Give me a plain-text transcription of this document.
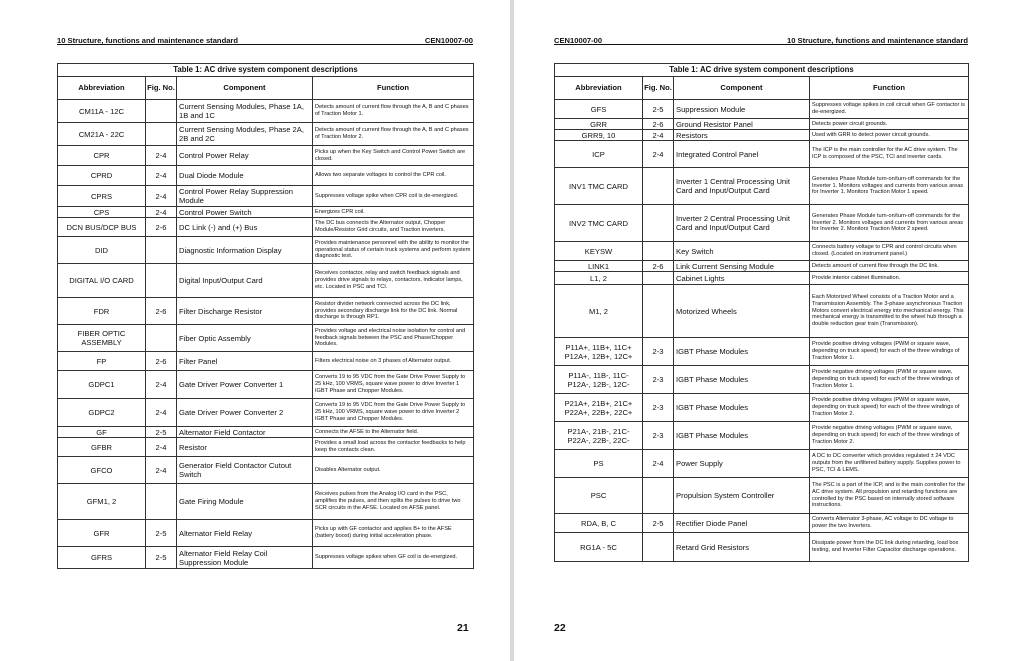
10 Structure, functions and maintenance standard	CEN10007-00
Table 1: AC drive system component descriptions
Abbreviation	Fig. No.	Component	Function
CM11A - 12C		Current Sensing Modules, Phase 1A, 1B and 1C	Detects amount of current flow through the A, B and C phases of Traction Motor 1.
CM21A - 22C		Current Sensing Modules, Phase 2A, 2B and 2C	Detects amount of current flow through the A, B and C phases of Traction Motor 2.
CPR	2-4	Control Power Relay	Picks up when the Key Switch and Control Power Switch are closed.
CPRD	2-4	Dual Diode Module	Allows two separate voltages to control the CPR coil.
CPRS	2-4	Control Power Relay Suppression Module	Suppresses voltage spike when CPR coil is de-energized.
CPS	2-4	Control Power Switch	Energizes CPR coil.
DCN BUS/DCP BUS	2-6	DC Link (-) and (+) Bus	The DC bus connects the Alternator output, Chopper Module/Resistor Grid circuits, and Traction inverters.
DID		Diagnostic Information Display	Provides maintenance personnel with the ability to monitor the operational status of certain truck systems and perform system diagnostic test.
DIGITAL I/O CARD		Digital Input/Output Card	Receives contactor, relay and switch feedback signals and provides drive signals to relays, contactors, indicator lamps, etc. Located in PSC and TCI.
FDR	2-6	Filter Discharge Resistor	Resistor divider network connected across the DC link, provides secondary discharge link for the DC link. Normal discharge is through RP1.
FIBER OPTIC ASSEMBLY		Fiber Optic Assembly	Provides voltage and electrical noise isolation for control and feedback signals between the PSC and Phase/Chopper Modules.
FP	2-6	Filter Panel	Filters electrical noise on 3 phases of Alternator output.
GDPC1	2-4	Gate Driver Power Converter 1	Converts 19 to 95 VDC from the Gate Drive Power Supply to 25 kHz, 100 VRMS, square wave power to drive Inverter 1 IGBT Phase and Chopper Modules.
GDPC2	2-4	Gate Driver Power Converter 2	Converts 19 to 95 VDC from the Gate Drive Power Supply to 25 kHz, 100 VRMS, square wave power to drive Inverter 2 IGBT Phase and Chopper Modules.
GF	2-5	Alternator Field Contactor	Connects the AFSE to the Alternator field.
GFBR	2-4	Resistor	Provides a small load across the contactor feedbacks to help keep the contacts clean.
GFCO	2-4	Generator Field Contactor Cutout Switch	Disables Alternator output.
GFM1, 2		Gate Firing Module	Receives pulses from the Analog I/O card in the PSC, amplifies the pulses, and then splits the pulses to drive two SCR circuits in the AFSE. Located on AFSE panel.
GFR	2-5	Alternator Field Relay	Picks up with GF contactor and applies B+ to the AFSE (battery boost) during initial acceleration phase.
GFRS	2-5	Alternator Field Relay Coil Suppression Module	Suppresses voltage spikes when GF coil is de-energized.
21
CEN10007-00	10 Structure, functions and maintenance standard
Table 1: AC drive system component descriptions
Abbreviation	Fig. No.	Component	Function
GFS	2-5	Suppression Module	Suppresses voltage spikes in coil circuit when GF contactor is de-energized.
GRR	2-6	Ground Resistor Panel	Detects power circuit grounds.
GRR9, 10	2-4	Resistors	Used with GRR to detect power circuit grounds.
ICP	2-4	Integrated Control Panel	The ICP is the main controller for the AC drive system. The ICP is composed of the PSC, TCI and inverter cards.
INV1 TMC CARD		Inverter 1 Central Processing Unit Card and Input/Output Card	Generates Phase Module turn-on/turn-off commands for the Inverter 1. Monitors voltages and currents from various areas for Inverter 1. Monitors Traction Motor 1 speed.
INV2 TMC CARD		Inverter 2 Central Processing Unit Card and Input/Output Card	Generates Phase Module turn-on/turn-off commands for the Inverter 2. Monitors voltages and currents from various areas for Inverter 2. Monitors Traction Motor 2 speed.
KEYSW		Key Switch	Connects battery voltage to CPR and control circuits when closed. (Located on instrument panel.)
LINK1	2-6	Link Current Sensing Module	Detects amount of current flow through the DC link.
L1, 2		Cabinet Lights	Provide interior cabinet illumination.
M1, 2		Motorized Wheels	Each Motorized Wheel consists of a Traction Motor and a Transmission Assembly. The 3-phase asynchronous Traction Motors convert electrical energy into mechanical energy. This mechanical energy is transmitted to the wheel hub through a double reduction gear train (Transmission).
P11A+, 11B+, 11C+ P12A+, 12B+, 12C+	2-3	IGBT Phase Modules	Provide positive driving voltages (PWM or square wave, depending on truck speed) for each of the three windings of Traction Motor 1.
P11A-, 11B-, 11C- P12A-, 12B-, 12C-	2-3	IGBT Phase Modules	Provide negative driving voltages (PWM or square wave, depending on truck speed) for each of the three windings of Traction Motor 1.
P21A+, 21B+, 21C+ P22A+, 22B+, 22C+	2-3	IGBT Phase Modules	Provide positive driving voltages (PWM or square wave, depending on truck speed) for each of the three windings of Traction Motor 2.
P21A-, 21B-, 21C- P22A-, 22B-, 22C-	2-3	IGBT Phase Modules	Provide negative driving voltages (PWM or square wave, depending on truck speed) for each of the three windings of Traction Motor 2.
PS	2-4	Power Supply	A DC to DC converter which provides regulated ± 24 VDC outputs from the unfiltered battery supply. Supplies power to PSC, TCI & LEMS.
PSC		Propulsion System Controller	The PSC is a part of the ICP, and is the main controller for the AC drive system. All propulsion and retarding functions are controlled by the PSC based on internally stored software instructions.
RDA, B, C	2-5	Rectifier Diode Panel	Converts Alternator 3-phase, AC voltage to DC voltage to power the two Inverters.
RG1A - 5C		Retard Grid Resistors	Dissipate power from the DC link during retarding, load box testing, and Inverter Filter Capacitor discharge operations.
22
